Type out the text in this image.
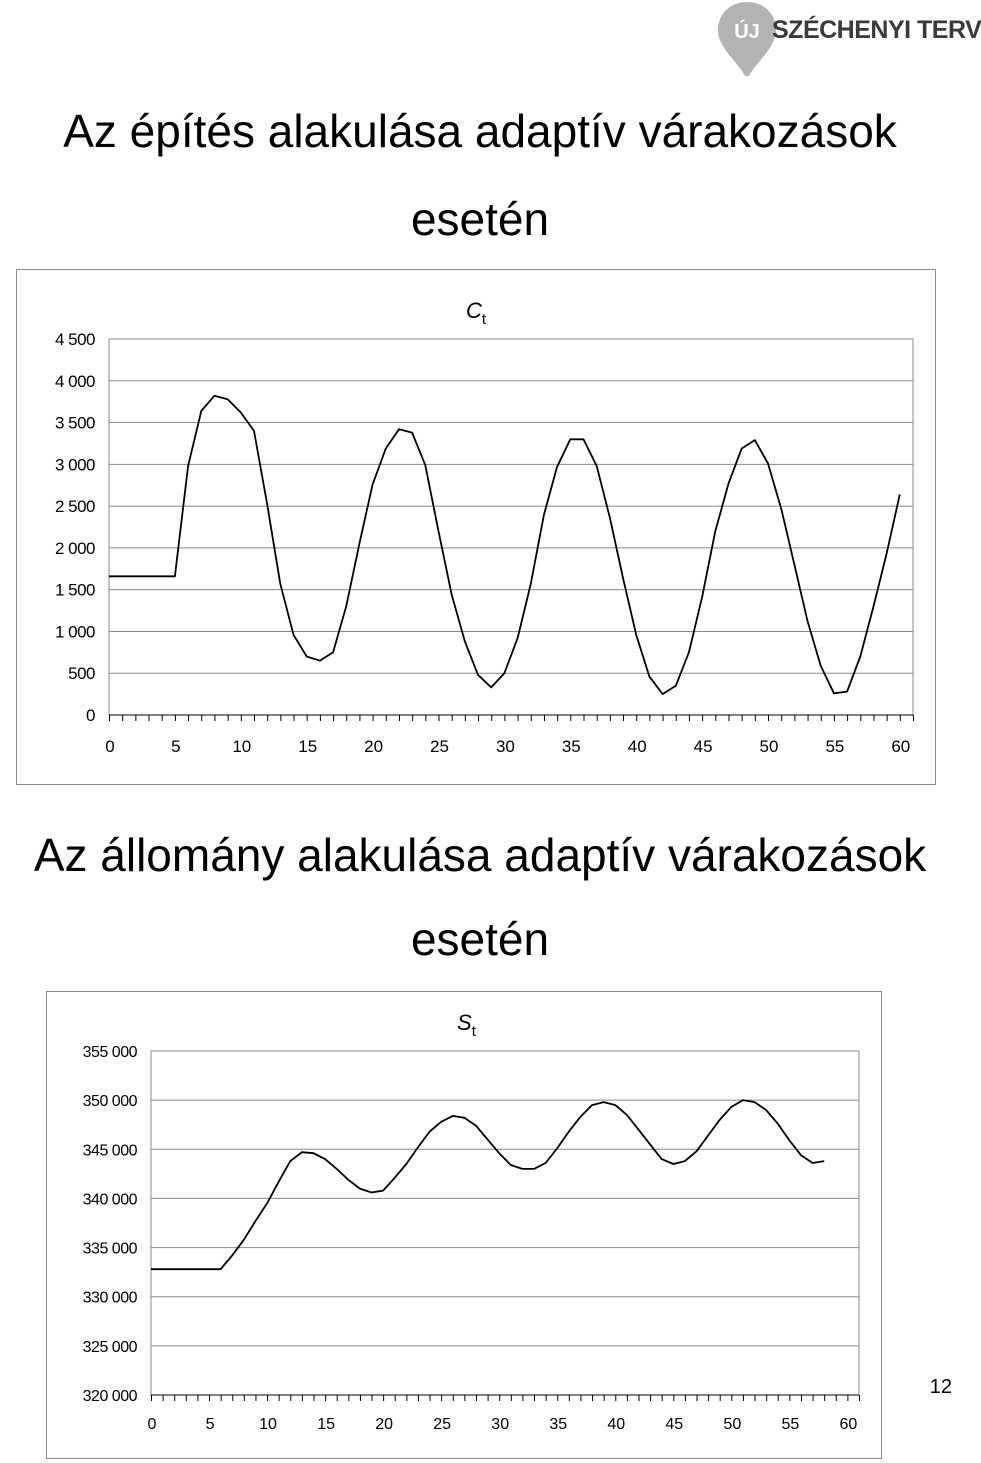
ÚJ SZÉCHENYI TERV
Az építés alakulása adaptív várakozások
esetén
0
500
1 000
1 500
2 000
2 500
3 000
3 500
4 000
4 500
0	5	10	15	20	25	30	35	40	45	50	55	60
$C_t$
Az állomány alakulása adaptív várakozások
esetén
320 000
325 000
330 000
335 000
340 000
345 000
350 000
355 000
0	5	10	15	20	25	30	35	40	45	50	55	60
$S_t$
12
